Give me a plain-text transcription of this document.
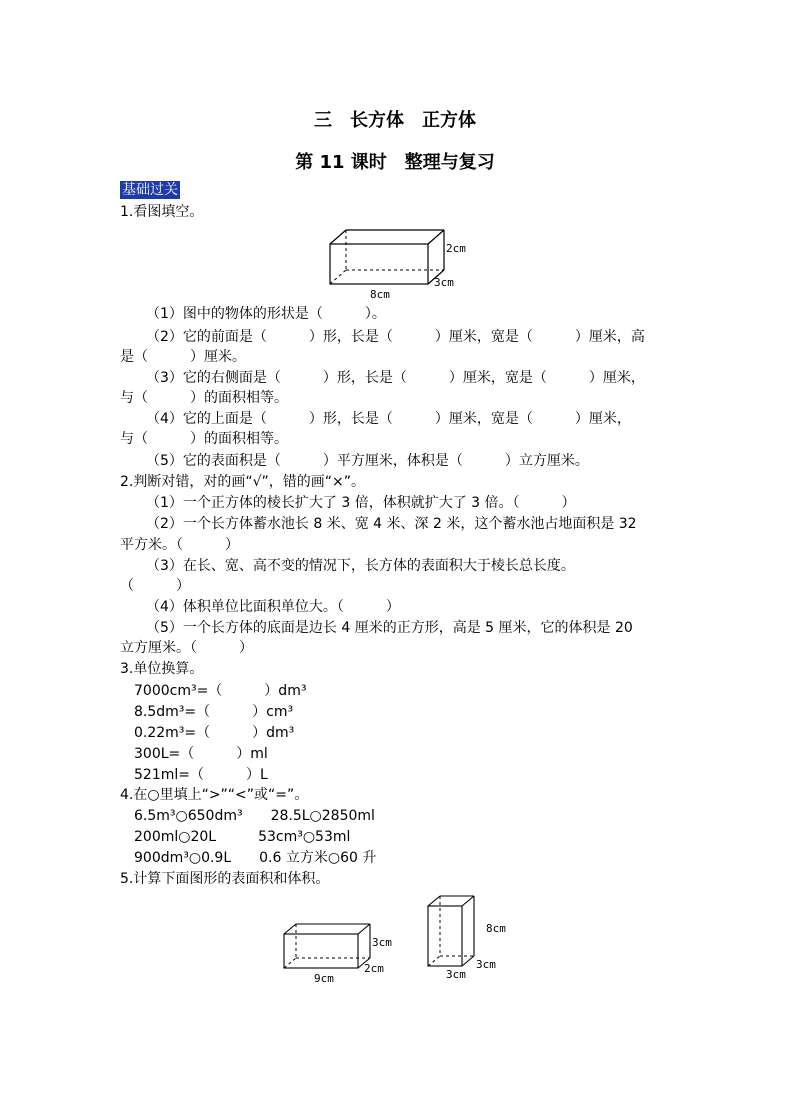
三　长方体　正方体
第 11 课时　整理与复习
基础过关
1.看图填空。
2cm
3cm
8cm
（1）图中的物体的形状是（　　　）。
（2）它的前面是（　　　）形，长是（　　　）厘米，宽是（　　　）厘米，高
是（　　　）厘米。
（3）它的右侧面是（　　　）形，长是（　　　）厘米，宽是（　　　）厘米，
与（　　　）的面积相等。
（4）它的上面是（　　　）形，长是（　　　）厘米，宽是（　　　）厘米，
与（　　　）的面积相等。
（5）它的表面积是（　　　）平方厘米，体积是（　　　）立方厘米。
2.判断对错，对的画“√”，错的画“×”。
（1）一个正方体的棱长扩大了 3 倍，体积就扩大了 3 倍。（　　　）
（2）一个长方体蓄水池长 8 米、宽 4 米、深 2 米，这个蓄水池占地面积是 32
平方米。（　　　）
（3）在长、宽、高不变的情况下，长方体的表面积大于棱长总长度。
（　　　）
（4）体积单位比面积单位大。（　　　）
（5）一个长方体的底面是边长 4 厘米的正方形，高是 5 厘米，它的体积是 20
立方厘米。（　　　）
3.单位换算。
7000cm³=（　　　）dm³
8.5dm³=（　　　）cm³
0.22m³=（　　　）dm³
300L=（　　　）ml
521ml=（　　　）L
4.在○里填上“>”“<”或“=”。
6.5m³○650dm³　　28.5L○2850ml
200ml○20L　　　53cm³○53ml
900dm³○0.9L　　0.6 立方米○60 升
5.计算下面图形的表面积和体积。
3cm
2cm
9cm
8cm
3cm
3cm
